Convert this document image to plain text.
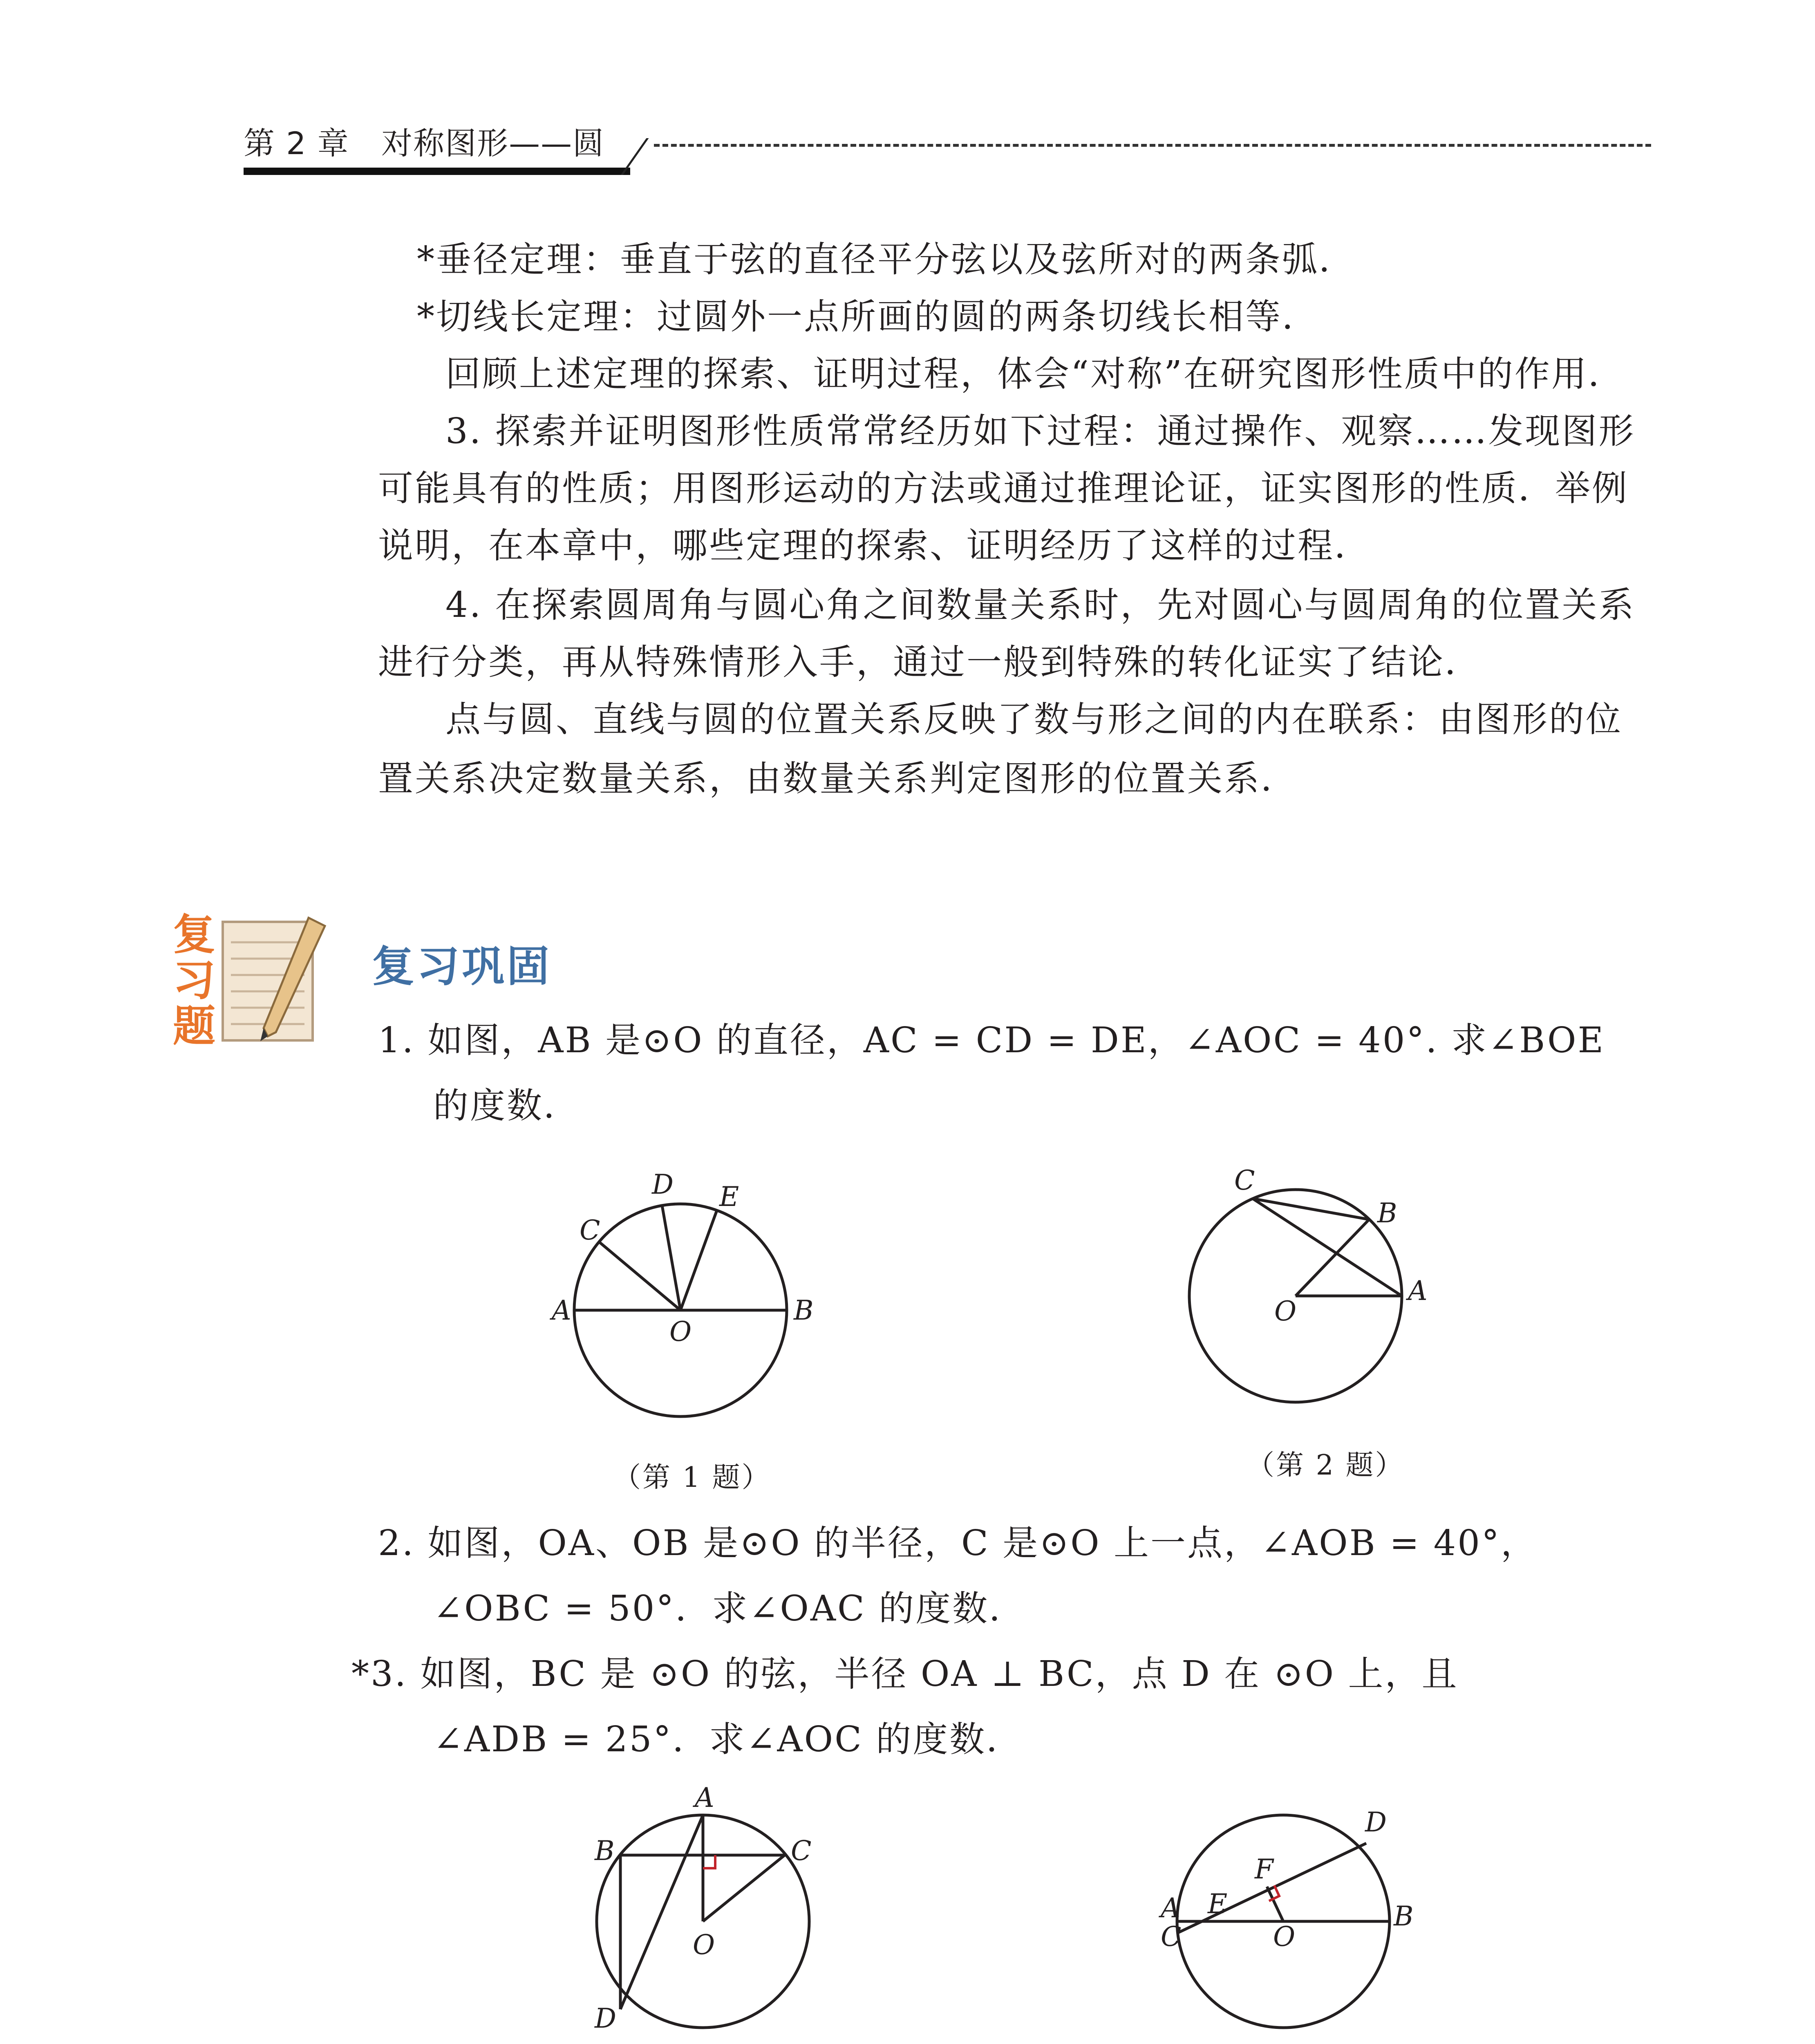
第 2 章 对称图形——圆
*垂径定理：垂直于弦的直径平分弦以及弦所对的两条弧．
*切线长定理：过圆外一点所画的圆的两条切线长相等．
回顾上述定理的探索、证明过程，体会“对称”在研究图形性质中的作用．
3. 探索并证明图形性质常常经历如下过程：通过操作、观察……发现图形
可能具有的性质；用图形运动的方法或通过推理论证，证实图形的性质．举例
说明，在本章中，哪些定理的探索、证明经历了这样的过程．
4. 在探索圆周角与圆心角之间数量关系时，先对圆心与圆周角的位置关系
进行分类，再从特殊情形入手，通过一般到特殊的转化证实了结论．
点与圆、直线与圆的位置关系反映了数与形之间的内在联系：由图形的位
置关系决定数量关系，由数量关系判定图形的位置关系．
复
习
题
复习巩固
1. 如图，AB 是⊙O 的直径，AC = CD = DE，∠AOC = 40°. 求∠BOE
的度数．
A	B
C
D E
O
（第 1 题）
C
B
A
O
（第 2 题）
2. 如图，OA、OB 是⊙O 的半径，C 是⊙O 上一点，∠AOB = 40°，
∠OBC = 50°．求∠OAC 的度数．
*3. 如图，BC 是 ⊙O 的弦，半径 OA ⊥ BC，点 D 在 ⊙O 上，且
∠ADB = 25°．求∠AOC 的度数．
A
B	C
D
O
A
C
E
F
O
B
D
